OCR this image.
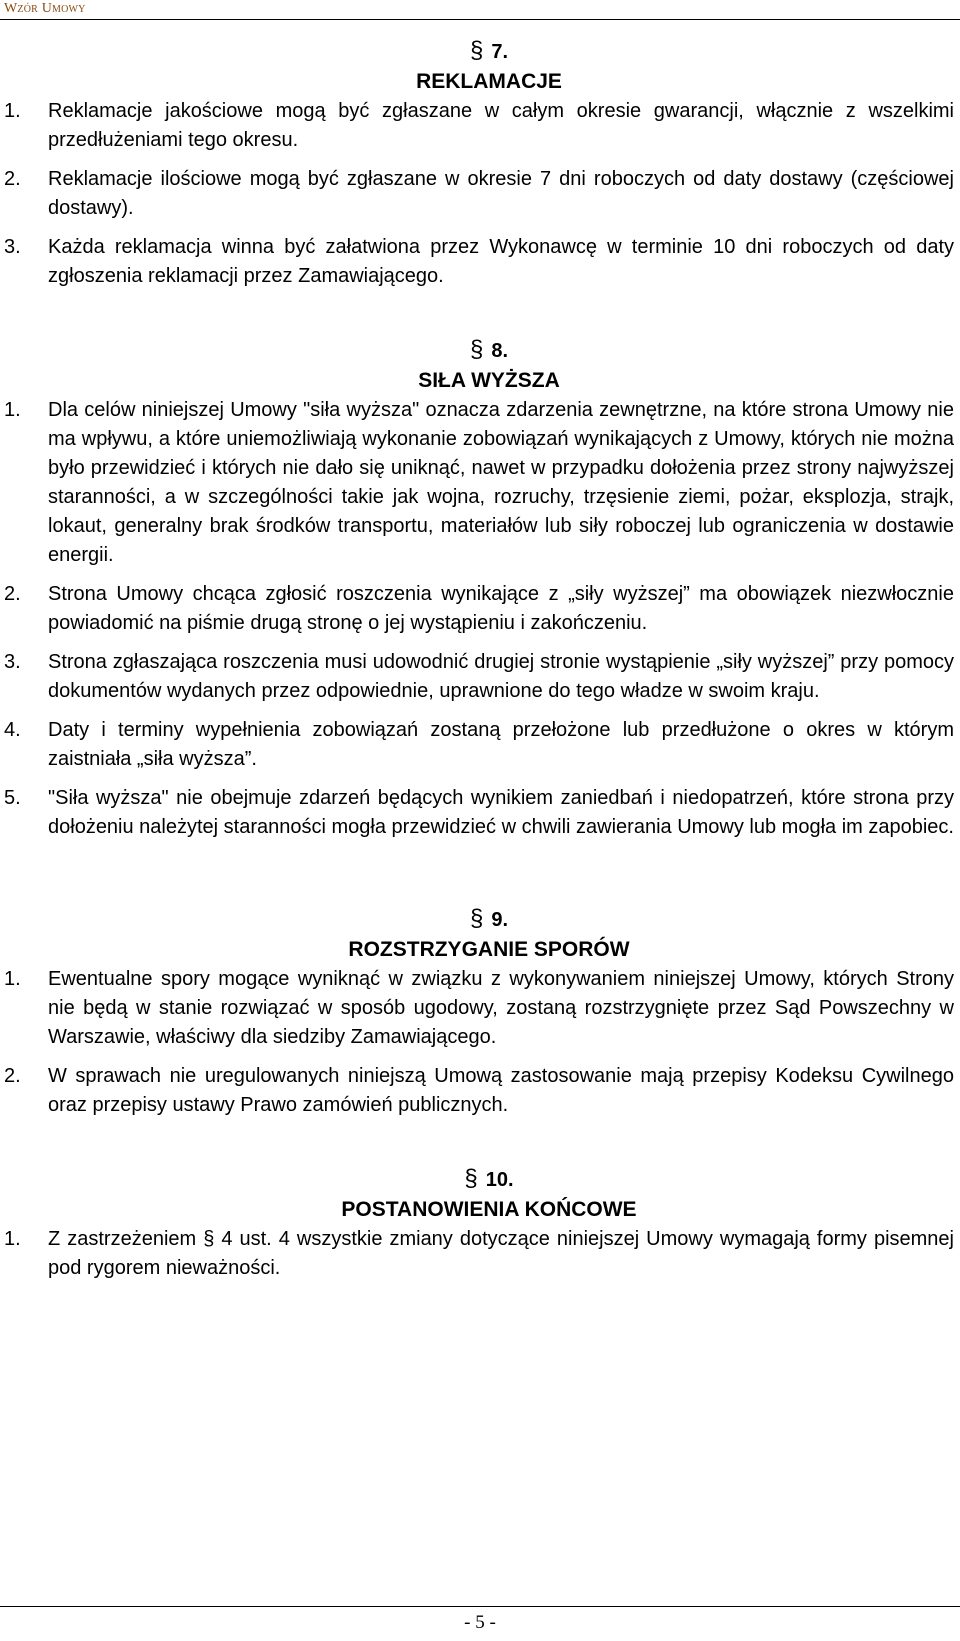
Wzór Umowy
§ 7.
REKLAMACJE
1.	Reklamacje jakościowe mogą być zgłaszane w całym okresie gwarancji, włącznie z wszelkimi przedłużeniami tego okresu.
2.	Reklamacje ilościowe mogą być zgłaszane w okresie 7 dni roboczych od daty dostawy (częściowej dostawy).
3.	Każda reklamacja winna być załatwiona przez Wykonawcę w terminie 10 dni roboczych od daty zgłoszenia reklamacji przez Zamawiającego.
§ 8.
SIŁA WYŻSZA
1.	Dla celów niniejszej Umowy "siła wyższa" oznacza zdarzenia zewnętrzne, na które strona Umowy nie ma wpływu, a które uniemożliwiają wykonanie zobowiązań wynikających z Umowy, których nie można było przewidzieć i których nie dało się uniknąć, nawet w przypadku dołożenia przez strony najwyższej staranności, a w szczególności takie jak wojna, rozruchy, trzęsienie ziemi, pożar, eksplozja, strajk, lokaut, generalny brak środków transportu, materiałów lub siły roboczej lub ograniczenia w dostawie energii.
2.	Strona Umowy chcąca zgłosić roszczenia wynikające z „siły wyższej” ma obowiązek niezwłocznie powiadomić na piśmie drugą stronę o jej wystąpieniu i zakończeniu.
3.	Strona zgłaszająca roszczenia musi udowodnić drugiej stronie wystąpienie „siły wyższej” przy pomocy dokumentów wydanych przez odpowiednie, uprawnione do tego władze w swoim kraju.
4.	Daty i terminy wypełnienia zobowiązań zostaną przełożone lub przedłużone o okres w którym zaistniała „siła wyższa”.
5.	"Siła wyższa" nie obejmuje zdarzeń będących wynikiem zaniedbań i niedopatrzeń, które strona przy dołożeniu należytej staranności mogła przewidzieć w chwili zawierania Umowy lub mogła im zapobiec.
§ 9.
ROZSTRZYGANIE SPORÓW
1.	Ewentualne spory mogące wyniknąć w związku z wykonywaniem niniejszej Umowy, których Strony nie będą w stanie rozwiązać w sposób ugodowy, zostaną rozstrzygnięte przez Sąd Powszechny w Warszawie, właściwy dla siedziby Zamawiającego.
2.	W sprawach nie uregulowanych niniejszą Umową zastosowanie mają przepisy Kodeksu Cywilnego oraz przepisy ustawy Prawo zamówień publicznych.
§ 10.
POSTANOWIENIA KOŃCOWE
1.	Z zastrzeżeniem § 4 ust. 4 wszystkie zmiany dotyczące niniejszej Umowy wymagają formy pisemnej pod rygorem nieważności.
- 5 -
